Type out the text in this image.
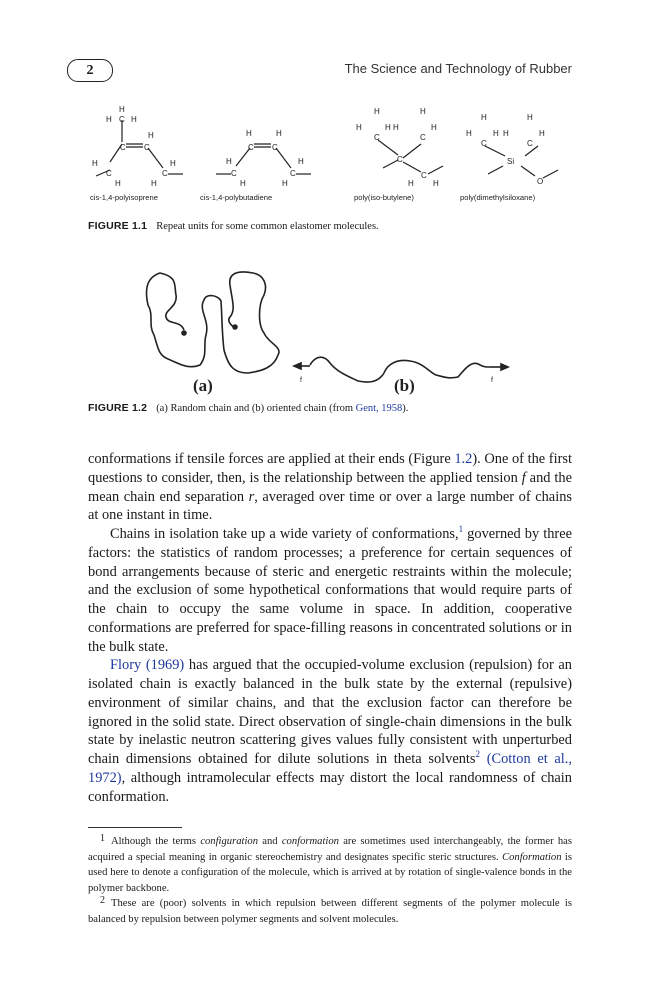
2	The Science and Technology of Rubber
H
H C H
C C
H
C
H
H
C
H
H
C C
H	H
C
H
H
C
H
H
H
H
C
H H
H
C
H
C
C
H H
H
H
C
H H
H
C
H
Si
O
cis-1,4-polyisoprene	cis-1,4-polybutadiene	poly(iso-butylene)	poly(dimethylsiloxane)
FIGURE 1.1 Repeat units for some common elastomer molecules.
f	f
(a)	(b)
FIGURE 1.2 (a) Random chain and (b) oriented chain (from Gent, 1958).

conformations if tensile forces are applied at their ends (Figure 1.2). One of the first questions to consider, then, is the relationship between the applied tension f and the mean chain end separation r, averaged over time or over a large number of chains at one instant in time.

Chains in isolation take up a wide variety of conformations,$^1$ governed by three factors: the statistics of random processes; a preference for certain sequences of bond arrangements because of steric and energetic restraints within the molecule; and the exclusion of some hypothetical conformations that would require parts of the chain to occupy the same volume in space. In addition, cooperative conformations are preferred for space-filling reasons in concentrated solutions or in the bulk state.

Flory (1969) has argued that the occupied-volume exclusion (repulsion) for an isolated chain is exactly balanced in the bulk state by the external (repulsive) environment of similar chains, and that the exclusion factor can therefore be ignored in the solid state. Direct observation of single-chain dimensions in the bulk state by inelastic neutron scattering gives values fully consistent with unperturbed chain dimensions obtained for dilute solutions in theta solvents$^2$ (Cotton et al., 1972), although intramolecular effects may distort the local randomness of chain conformation.

1 Although the terms configuration and conformation are sometimes used interchangeably, the former has acquired a special meaning in organic stereochemistry and designates specific steric structures. Conformation is used here to denote a configuration of the molecule, which is arrived at by rotation of single-valence bonds in the polymer backbone.

2 These are (poor) solvents in which repulsion between different segments of the polymer molecule is balanced by repulsion between polymer segments and solvent molecules.
